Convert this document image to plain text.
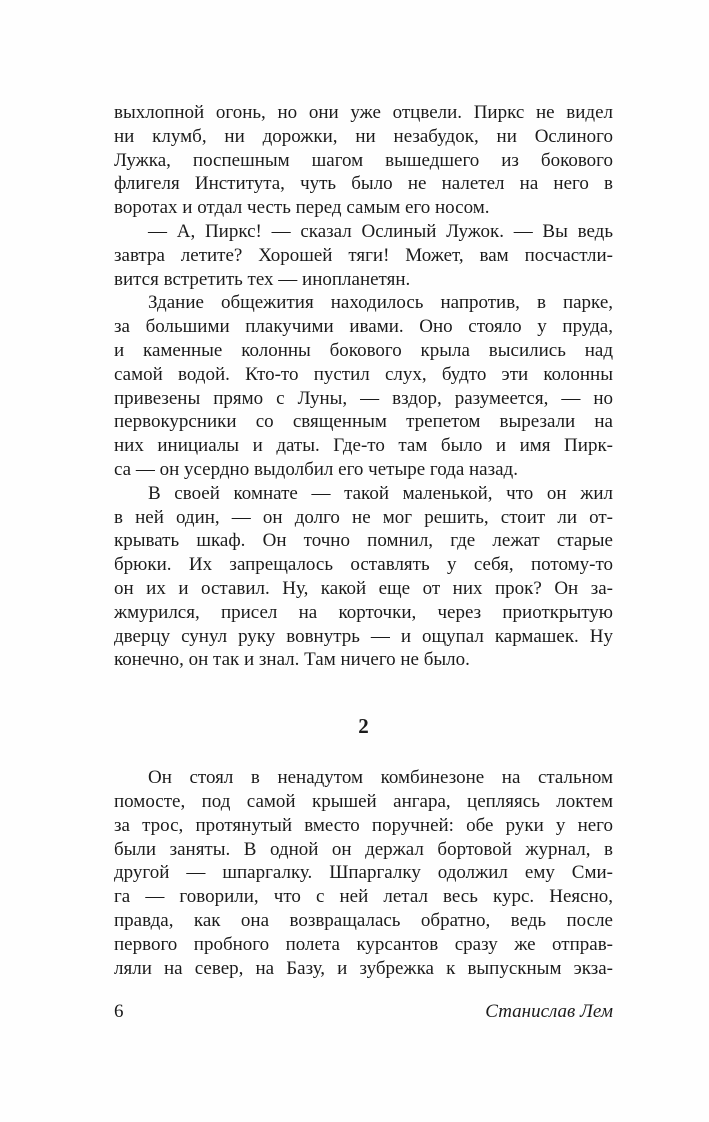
выхлопной огонь, но они уже отцвели. Пиркс не видел
ни клумб, ни дорожки, ни незабудок, ни Ослиного
Лужка, поспешным шагом вышедшего из бокового
флигеля Института, чуть было не налетел на него в
воротах и отдал честь перед самым его носом.
— А, Пиркс! — сказал Ослиный Лужок. — Вы ведь
завтра летите? Хорошей тяги! Может, вам посчастли-
вится встретить тех — инопланетян.
Здание общежития находилось напротив, в парке,
за большими плакучими ивами. Оно стояло у пруда,
и каменные колонны бокового крыла высились над
самой водой. Кто-то пустил слух, будто эти колонны
привезены прямо с Луны, — вздор, разумеется, — но
первокурсники со священным трепетом вырезали на
них инициалы и даты. Где-то там было и имя Пирк-
са — он усердно выдолбил его четыре года назад.
В своей комнате — такой маленькой, что он жил
в ней один, — он долго не мог решить, стоит ли от-
крывать шкаф. Он точно помнил, где лежат старые
брюки. Их запрещалось оставлять у себя, потому-то
он их и оставил. Ну, какой еще от них прок? Он за-
жмурился, присел на корточки, через приоткрытую
дверцу сунул руку вовнутрь — и ощупал кармашек. Ну
конечно, он так и знал. Там ничего не было.
2
Он стоял в ненадутом комбинезоне на стальном
помосте, под самой крышей ангара, цепляясь локтем
за трос, протянутый вместо поручней: обе руки у него
были заняты. В одной он держал бортовой журнал, в
другой — шпаргалку. Шпаргалку одолжил ему Сми-
га — говорили, что с ней летал весь курс. Неясно,
правда, как она возвращалась обратно, ведь после
первого пробного полета курсантов сразу же отправ-
ляли на север, на Базу, и зубрежка к выпускным экза-
6	Станислав Лем
